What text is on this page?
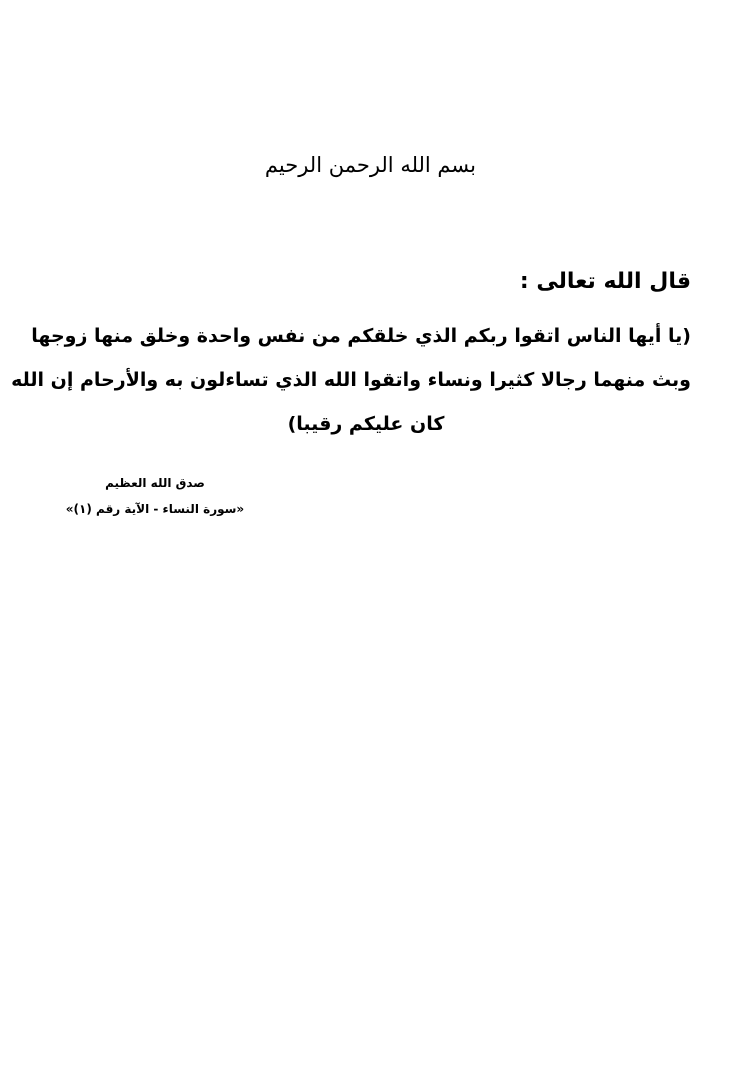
بسم الله الرحمن الرحيم
قال الله تعالى :
(يا أيها الناس اتقوا ربكم الذي خلقكم من نفس واحدة وخلق منها زوجها
وبث منهما رجالا كثيرا ونساء واتقوا الله الذي تساءلون به والأرحام إن الله
كان عليكم رقيبا)
صدق الله العظيم
«سورة النساء - الآية رقم (١)»
